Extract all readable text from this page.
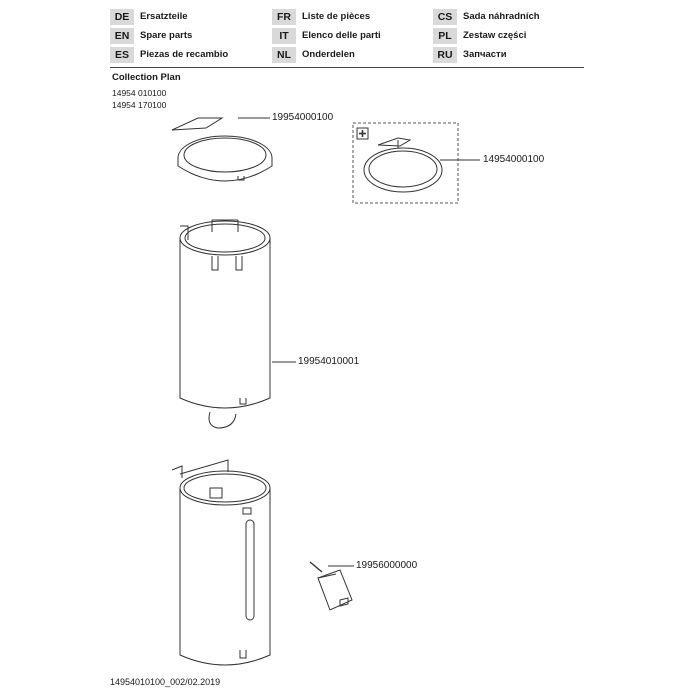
DE Ersatzteile	FR Liste de pièces	CS Sada náhradních
EN Spare parts	IT Elenco delle parti	PL Zestaw części
ES Piezas de recambio	NL Onderdelen	RU Запчасти
Collection Plan
14954 010100
14954 170100
19954000100
14954000100
19954010001
19956000000
14954010100_002/02.2019
